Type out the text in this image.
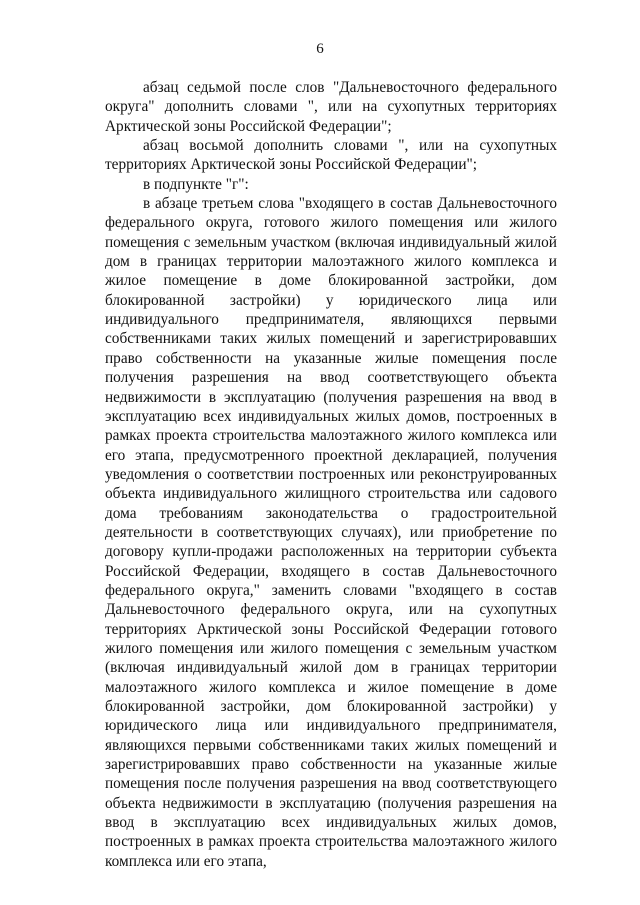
6

абзац седьмой после слов "Дальневосточного федерального округа" дополнить словами ", или на сухопутных территориях Арктической зоны Российской Федерации";

абзац восьмой дополнить словами ", или на сухопутных территориях Арктической зоны Российской Федерации";

в подпункте "г":

в абзаце третьем слова "входящего в состав Дальневосточного федерального округа, готового жилого помещения или жилого помещения с земельным участком (включая индивидуальный жилой дом в границах территории малоэтажного жилого комплекса и жилое помещение в доме блокированной застройки, дом блокированной застройки) у юридического лица или индивидуального предпринимателя, являющихся первыми собственниками таких жилых помещений и зарегистрировавших право собственности на указанные жилые помещения после получения разрешения на ввод соответствующего объекта недвижимости в эксплуатацию (получения разрешения на ввод в эксплуатацию всех индивидуальных жилых домов, построенных в рамках проекта строительства малоэтажного жилого комплекса или его этапа, предусмотренного проектной декларацией, получения уведомления о соответствии построенных или реконструированных объекта индивидуального жилищного строительства или садового дома требованиям законодательства о градостроительной деятельности в соответствующих случаях), или приобретение по договору купли-продажи расположенных на территории субъекта Российской Федерации, входящего в состав Дальневосточного федерального округа," заменить словами "входящего в состав Дальневосточного федерального округа, или на сухопутных территориях Арктической зоны Российской Федерации готового жилого помещения или жилого помещения с земельным участком (включая индивидуальный жилой дом в границах территории малоэтажного жилого комплекса и жилое помещение в доме блокированной застройки, дом блокированной застройки) у юридического лица или индивидуального предпринимателя, являющихся первыми собственниками таких жилых помещений и зарегистрировавших право собственности на указанные жилые помещения после получения разрешения на ввод соответствующего объекта недвижимости в эксплуатацию (получения разрешения на ввод в эксплуатацию всех индивидуальных жилых домов, построенных в рамках проекта строительства малоэтажного жилого комплекса или его этапа,
